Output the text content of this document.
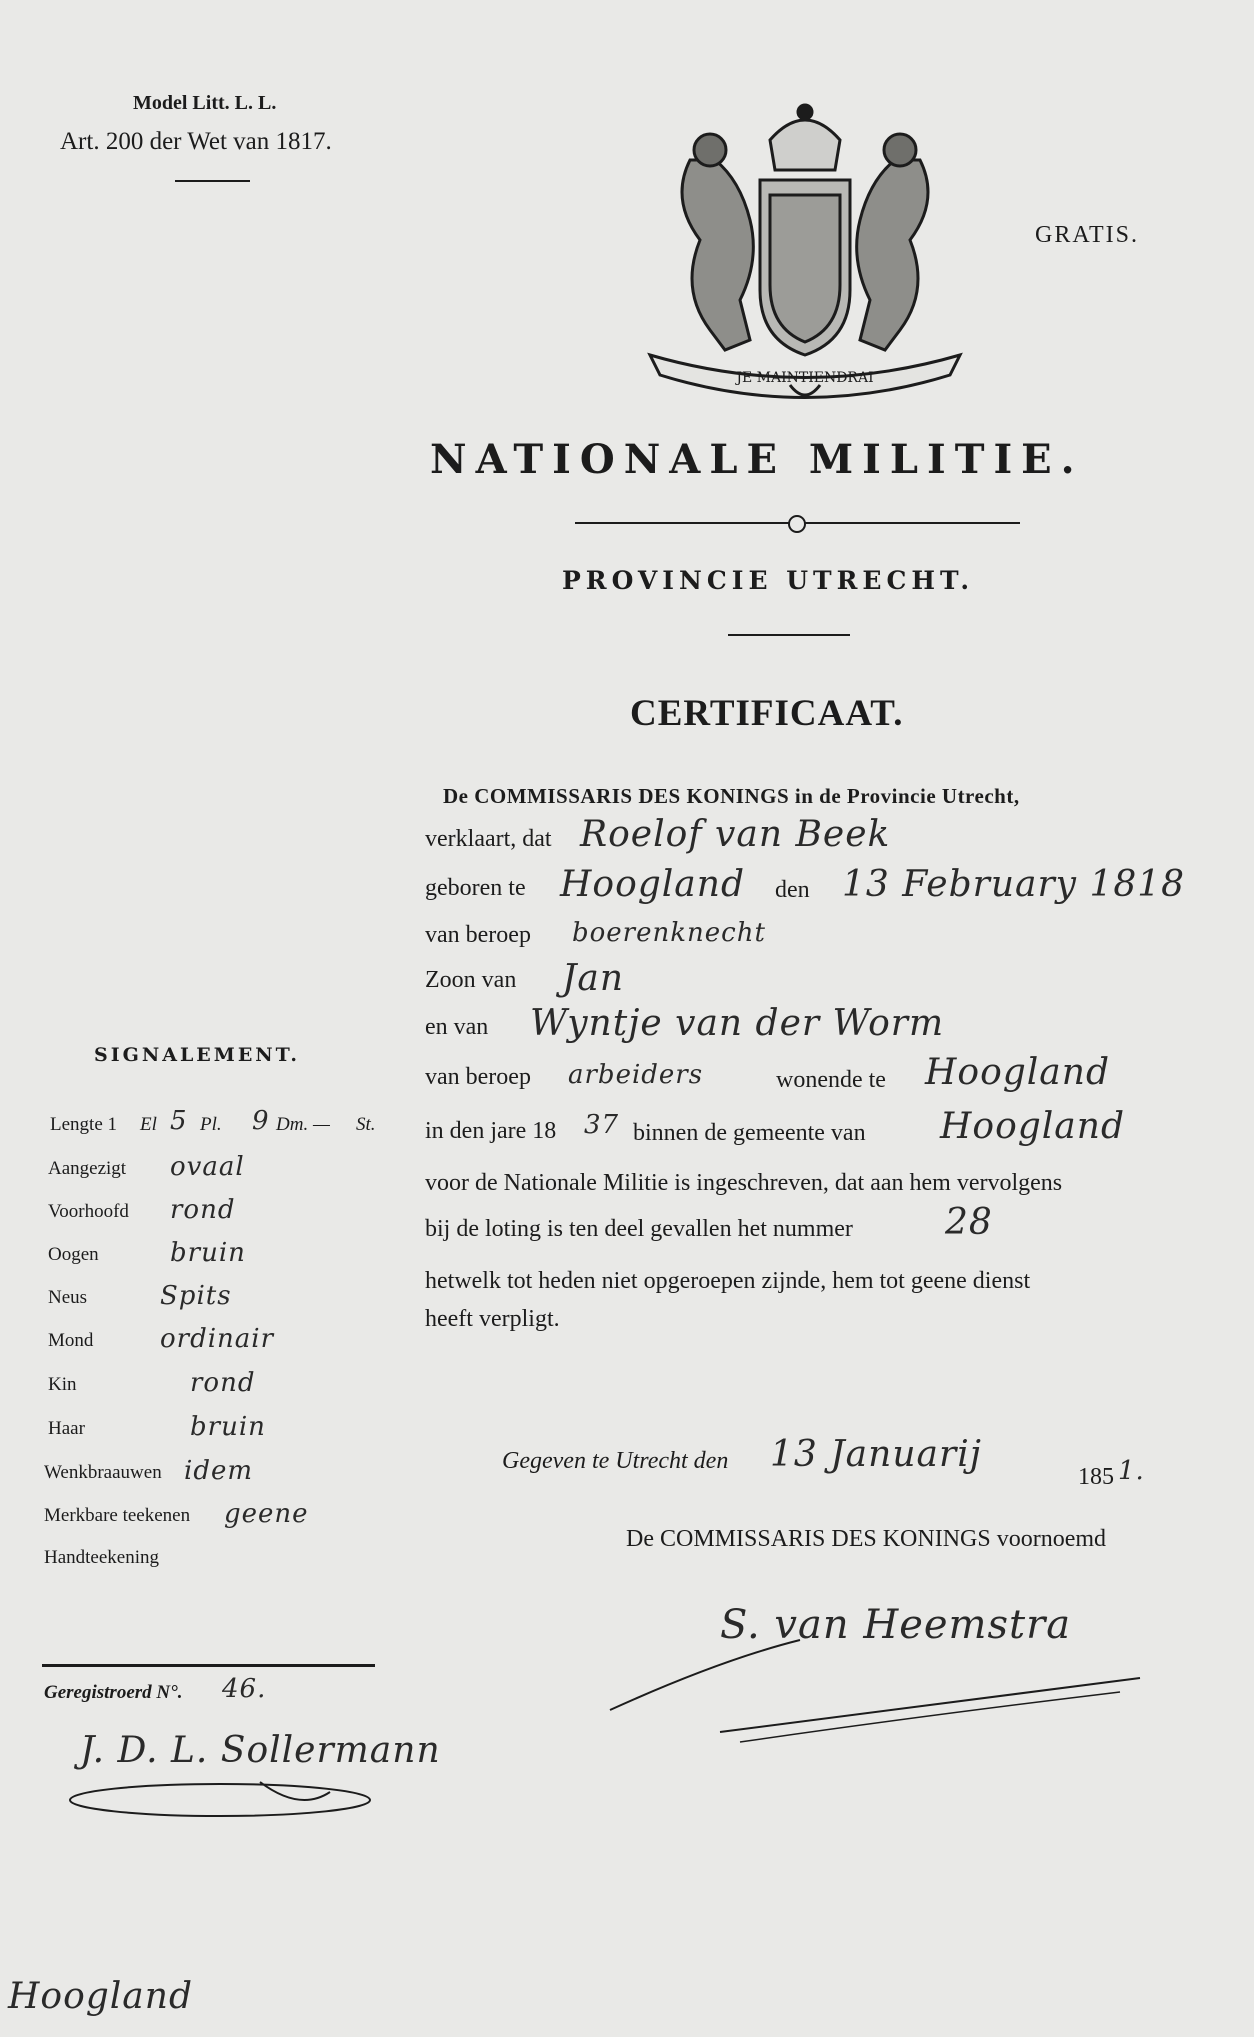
Model Litt. L. L.
Art. 200 der Wet van 1817.
JE MAINTIENDRAI
GRATIS.
NATIONALE MILITIE.
PROVINCIE UTRECHT.
CERTIFICAAT.
De COMMISSARIS DES KONINGS in de Provincie Utrecht,
verklaart, dat Roelof van Beek
geboren te Hoogland den 13 February 1818
van beroep boerenknecht
Zoon van Jan
en van Wyntje van der Worm
van beroep arbeiders	wonende te Hoogland
in den jare 18 37 binnen de gemeente van Hoogland
voor de Nationale Militie is ingeschreven, dat aan hem vervolgens
bij de loting is ten deel gevallen het nummer	28
hetwelk tot heden niet opgeroepen zijnde, hem tot geene dienst
heeft verpligt.
Gegeven te Utrecht den 13 Januarij
185 1.
De COMMISSARIS DES KONINGS voornoemd
S. van Heemstra
SIGNALEMENT.
Lengte 1 El 5 Pl. 9 Dm. — St.
Aangezigt ovaal
Voorhoofd rond
Oogen	bruin
Neus	Spits
Mond	ordinair
Kin	rond
Haar	bruin
Wenkbraauwen idem
Merkbare teekenen geene
Handteekening
Geregistroerd N°. 46.
J. D. L. Sollermann
Hoogland
